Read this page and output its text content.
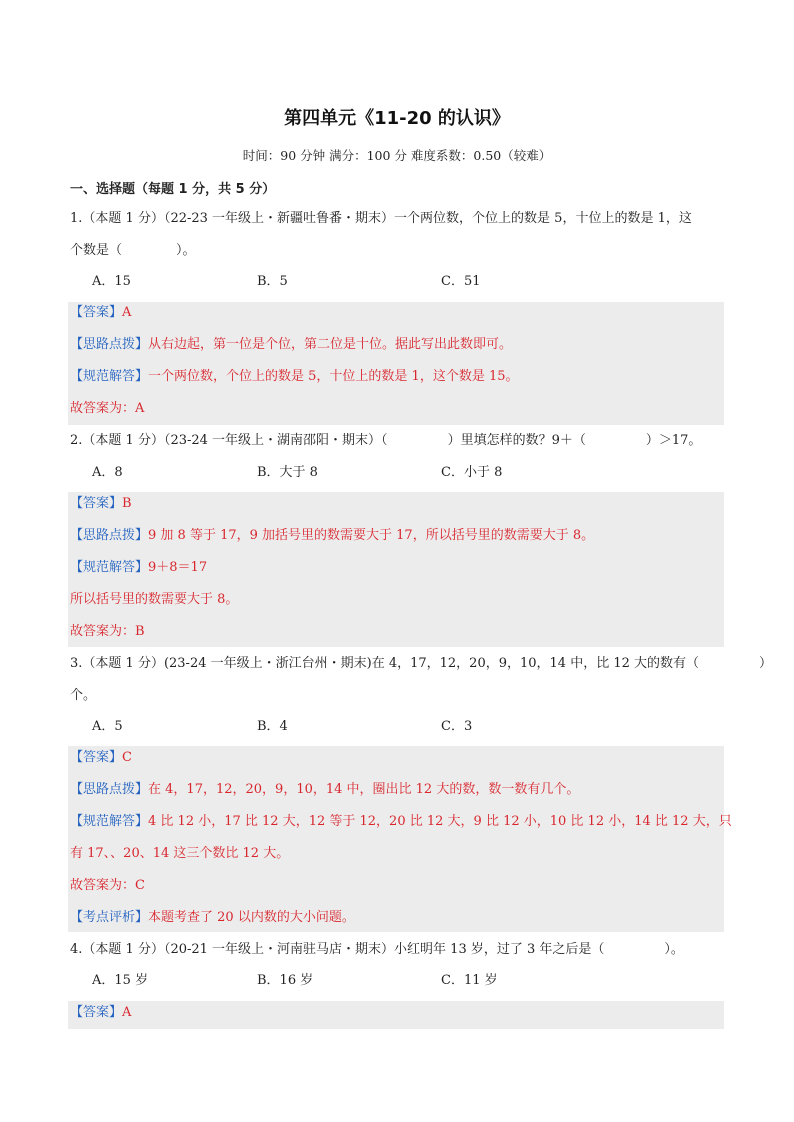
第四单元《11-20 的认识》
时间：90 分钟 满分：100 分 难度系数：0.50（较难）
一、选择题（每题 1 分，共 5 分）
1.（本题 1 分）（22-23 一年级上・新疆吐鲁番・期末）一个两位数，个位上的数是 5，十位上的数是 1，这
个数是（	）。
A．15	B．5	C．51
【答案】A
【思路点拨】从右边起，第一位是个位，第二位是十位。据此写出此数即可。
【规范解答】一个两位数，个位上的数是 5，十位上的数是 1，这个数是 15。
故答案为：A
2.（本题 1 分）（23-24 一年级上・湖南邵阳・期末）（	）里填怎样的数？9＋（	）＞17。
A．8	B．大于 8	C．小于 8
【答案】B
【思路点拨】9 加 8 等于 17，9 加括号里的数需要大于 17，所以括号里的数需要大于 8。
【规范解答】9＋8＝17
所以括号里的数需要大于 8。
故答案为：B
3.（本题 1 分）(23-24 一年级上・浙江台州・期末)在 4，17，12，20，9，10，14 中，比 12 大的数有（	）
个。
A．5	B．4	C．3
【答案】C
【思路点拨】在 4，17，12，20，9，10，14 中，圈出比 12 大的数，数一数有几个。
【规范解答】4 比 12 小，17 比 12 大，12 等于 12，20 比 12 大，9 比 12 小，10 比 12 小，14 比 12 大，只
有 17、、20、14 这三个数比 12 大。
故答案为：C
【考点评析】本题考查了 20 以内数的大小问题。
4.（本题 1 分）（20-21 一年级上・河南驻马店・期末）小红明年 13 岁，过了 3 年之后是（	）。
A．15 岁	B．16 岁	C．11 岁
【答案】A
